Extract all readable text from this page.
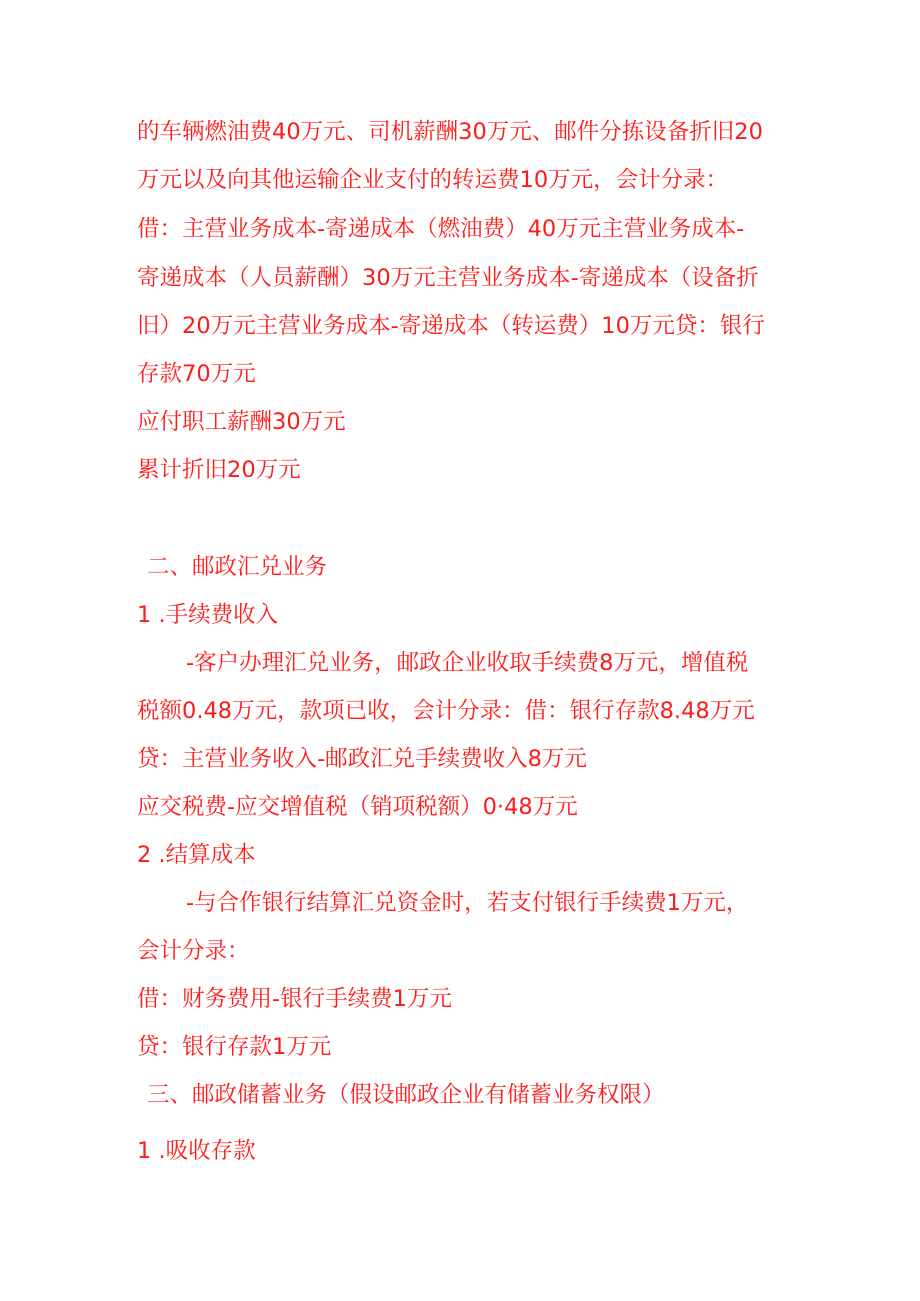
的车辆燃油费40万元、司机薪酬30万元、邮件分拣设备折旧20
万元以及向其他运输企业支付的转运费10万元，会计分录：
借：主营业务成本-寄递成本（燃油费）40万元主营业务成本-
寄递成本（人员薪酬）30万元主营业务成本-寄递成本（设备折
旧）20万元主营业务成本-寄递成本（转运费）10万元贷：银行
存款70万元
应付职工薪酬30万元
累计折旧20万元
二、邮政汇兑业务
1 .手续费收入
-客户办理汇兑业务，邮政企业收取手续费8万元，增值税
税额0.48万元，款项已收，会计分录：借：银行存款8.48万元
贷：主营业务收入-邮政汇兑手续费收入8万元
应交税费-应交增值税（销项税额）0·48万元
2 .结算成本
-与合作银行结算汇兑资金时，若支付银行手续费1万元，
会计分录：
借：财务费用-银行手续费1万元
贷：银行存款1万元
三、邮政储蓄业务（假设邮政企业有储蓄业务权限）
1 .吸收存款
